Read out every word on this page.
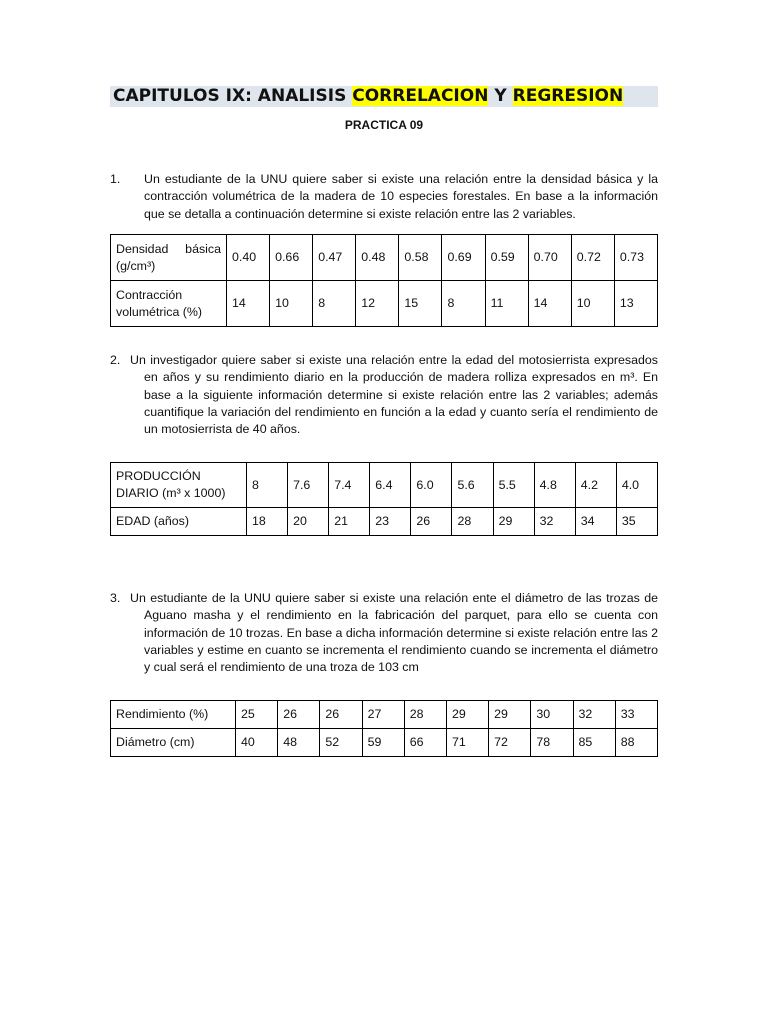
CAPITULOS IX: ANALISIS CORRELACION Y REGRESION
PRACTICA 09
1. Un estudiante de la UNU quiere saber si existe una relación entre la densidad básica y la contracción volumétrica de la madera de 10 especies forestales. En base a la información que se detalla a continuación determine si existe relación entre las 2 variables.
Densidad básica
(g/cm³)	0.40	0.66	0.47	0.48	0.58	0.69	0.59	0.70	0.72	0.73
Contracción volumétrica (%)	14	10	8	12	15	8	11	14	10	13
2. Un investigador quiere saber si existe una relación entre la edad del motosierrista expresados en años y su rendimiento diario en la producción de madera rolliza expresados en m³. En base a la siguiente información determine si existe relación entre las 2 variables; además cuantifique la variación del rendimiento en función a la edad y cuanto sería el rendimiento de un motosierrista de 40 años.
PRODUCCIÓN DIARIO (m³ x 1000)	8	7.6	7.4	6.4	6.0	5.6	5.5	4.8	4.2	4.0
EDAD (años)	18	20	21	23	26	28	29	32	34	35
3. Un estudiante de la UNU quiere saber si existe una relación ente el diámetro de las trozas de Aguano masha y el rendimiento en la fabricación del parquet, para ello se cuenta con información de 10 trozas. En base a dicha información determine si existe relación entre las 2 variables y estime en cuanto se incrementa el rendimiento cuando se incrementa el diámetro y cual será el rendimiento de una troza de 103 cm
Rendimiento (%)	25	26	26	27	28	29	29	30	32	33
Diámetro (cm)	40	48	52	59	66	71	72	78	85	88
